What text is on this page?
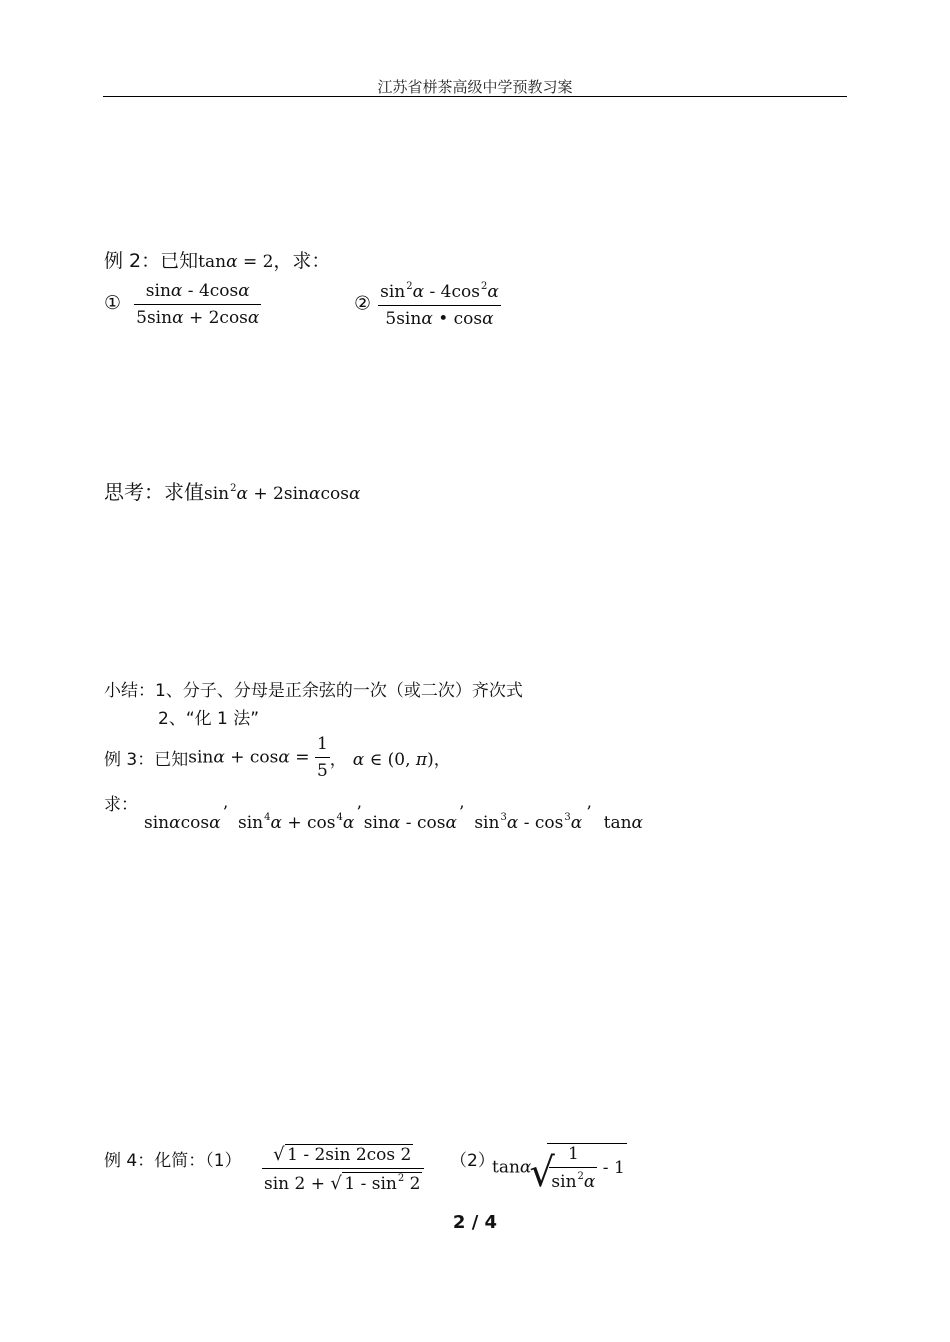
江苏省栟茶高级中学预教习案
例 2：已知tanα = 2，求：
① $\frac{\sin\alpha - 4\cos\alpha}{5\sin\alpha + 2\cos\alpha}$	② $\frac{\sin^2\alpha - 4\cos^2\alpha}{5\sin\alpha • \cos\alpha}$
思考：求值$\sin^2\alpha + 2\sin\alpha\cos\alpha$
小结：1、分子、分母是正余弦的一次（或二次）齐次式
2、“化 1 法”
例 3：已知$\sin\alpha + \cos\alpha = \frac{1}{5}$ ， α ∈ (0, π)，
求：
sinαcosα ’ $\sin^4\alpha + \cos^4\alpha$ ’ sinα - cosα ’ $\sin^3\alpha - \cos^3\alpha$ ’ tanα
例 4：化简：$(1) \frac{√ 1 - 2\sin 2\cos 2}{\sin 2 + √ 1 - \sin^2 2} (2)$
tanα
√
$\frac{1}{\sin^2\alpha} - 1$
2 / 4
